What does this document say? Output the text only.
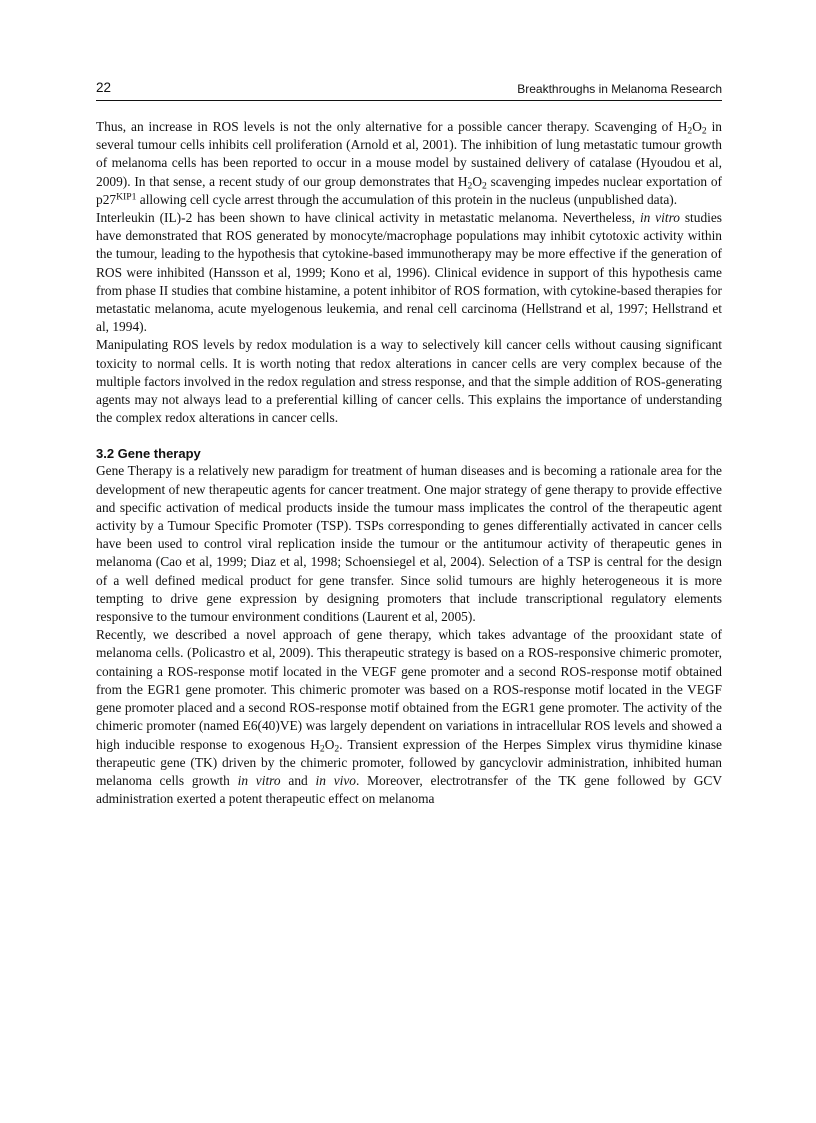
22	Breakthroughs in Melanoma Research

Thus, an increase in ROS levels is not the only alternative for a possible cancer therapy. Scavenging of $H_2O_2$ in several tumour cells inhibits cell proliferation (Arnold et al, 2001). The inhibition of lung metastatic tumour growth of melanoma cells has been reported to occur in a mouse model by sustained delivery of catalase (Hyoudou et al, 2009). In that sense, a recent study of our group demonstrates that $H_2O_2$ scavenging impedes nuclear exportation of $p27^{KIP1}$ allowing cell cycle arrest through the accumulation of this protein in the nucleus (unpublished data).

Interleukin (IL)-2 has been shown to have clinical activity in metastatic melanoma. Nevertheless, in vitro studies have demonstrated that ROS generated by monocyte/macrophage populations may inhibit cytotoxic activity within the tumour, leading to the hypothesis that cytokine-based immunotherapy may be more effective if the generation of ROS were inhibited (Hansson et al, 1999; Kono et al, 1996). Clinical evidence in support of this hypothesis came from phase II studies that combine histamine, a potent inhibitor of ROS formation, with cytokine-based therapies for metastatic melanoma, acute myelogenous leukemia, and renal cell carcinoma (Hellstrand et al, 1997; Hellstrand et al, 1994).

Manipulating ROS levels by redox modulation is a way to selectively kill cancer cells without causing significant toxicity to normal cells. It is worth noting that redox alterations in cancer cells are very complex because of the multiple factors involved in the redox regulation and stress response, and that the simple addition of ROS-generating agents may not always lead to a preferential killing of cancer cells. This explains the importance of understanding the complex redox alterations in cancer cells.

3.2 Gene therapy

Gene Therapy is a relatively new paradigm for treatment of human diseases and is becoming a rationale area for the development of new therapeutic agents for cancer treatment. One major strategy of gene therapy to provide effective and specific activation of medical products inside the tumour mass implicates the control of the therapeutic agent activity by a Tumour Specific Promoter (TSP). TSPs corresponding to genes differentially activated in cancer cells have been used to control viral replication inside the tumour or the antitumour activity of therapeutic genes in melanoma (Cao et al, 1999; Diaz et al, 1998; Schoensiegel et al, 2004). Selection of a TSP is central for the design of a well defined medical product for gene transfer. Since solid tumours are highly heterogeneous it is more tempting to drive gene expression by designing promoters that include transcriptional regulatory elements responsive to the tumour environment conditions (Laurent et al, 2005).

Recently, we described a novel approach of gene therapy, which takes advantage of the prooxidant state of melanoma cells. (Policastro et al, 2009). This therapeutic strategy is based on a ROS-responsive chimeric promoter, containing a ROS-response motif located in the VEGF gene promoter and a second ROS-response motif obtained from the EGR1 gene promoter. This chimeric promoter was based on a ROS-response motif located in the VEGF gene promoter placed and a second ROS-response motif obtained from the EGR1 gene promoter. The activity of the chimeric promoter (named E6(40)VE) was largely dependent on variations in intracellular ROS levels and showed a high inducible response to exogenous $H_2O_2$. Transient expression of the Herpes Simplex virus thymidine kinase therapeutic gene (TK) driven by the chimeric promoter, followed by gancyclovir administration, inhibited human melanoma cells growth in vitro and in vivo. Moreover, electrotransfer of the TK gene followed by GCV administration exerted a potent therapeutic effect on melanoma
